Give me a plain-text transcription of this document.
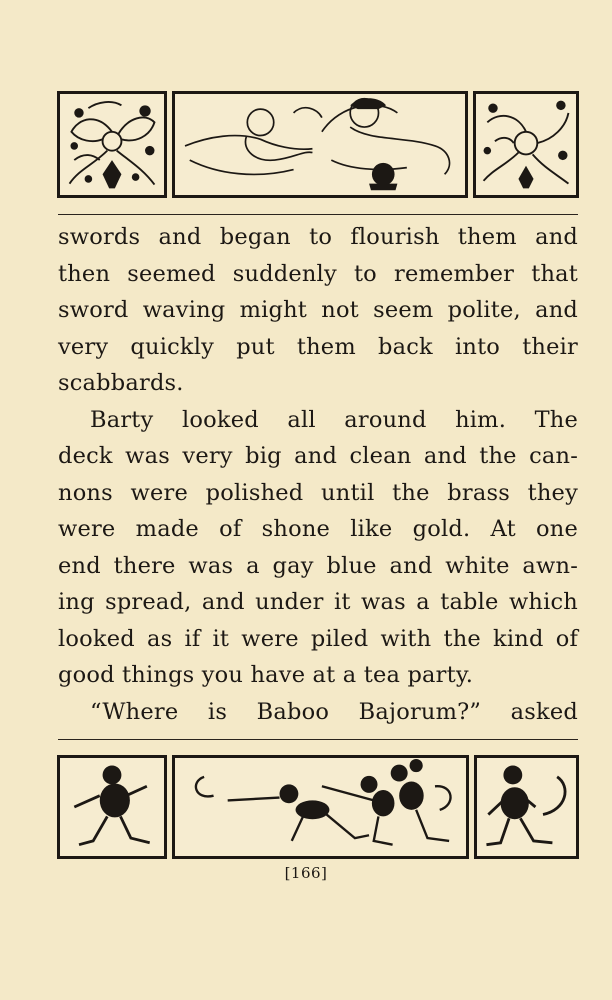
swords and began to flourish them and
then seemed suddenly to remember that
sword waving might not seem polite, and
very quickly put them back into their
scabbards.
Barty looked all around him. The
deck was very big and clean and the can-
nons were polished until the brass they
were made of shone like gold. At one
end there was a gay blue and white awn-
ing spread, and under it was a table which
looked as if it were piled with the kind of
good things you have at a tea party.
“Where is Baboo Bajorum?” asked
[166]
